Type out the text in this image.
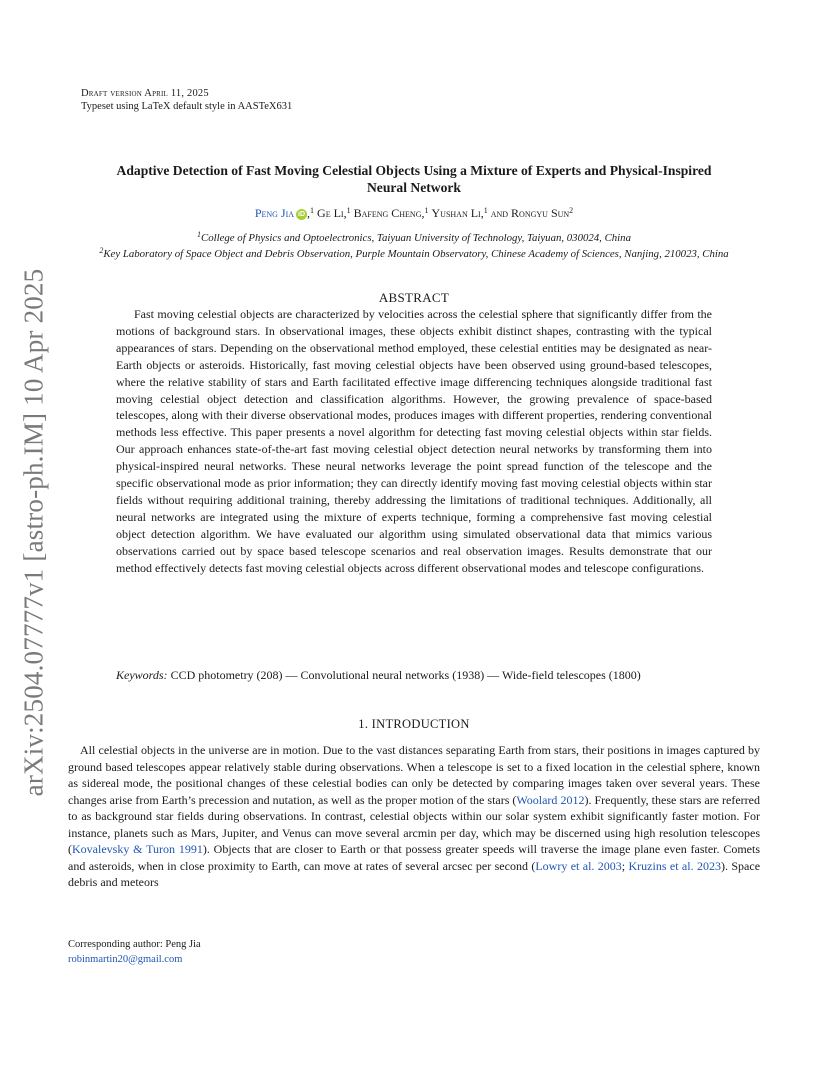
Draft version April 11, 2025
Typeset using LaTeX default style in AASTeX631
arXiv:2504.07777v1 [astro-ph.IM] 10 Apr 2025
Adaptive Detection of Fast Moving Celestial Objects Using a Mixture of Experts and Physical-Inspired Neural Network
Peng Jia iD ,$^1$ Ge Li,$^1$ Bafeng Cheng,$^1$ Yushan Li,$^1$ and Rongyu Sun$^2$
$^1$College of Physics and Optoelectronics, Taiyuan University of Technology, Taiyuan, 030024, China
$^2$Key Laboratory of Space Object and Debris Observation, Purple Mountain Observatory, Chinese Academy of Sciences, Nanjing, 210023, China
ABSTRACT

Fast moving celestial objects are characterized by velocities across the celestial sphere that significantly differ from the motions of background stars. In observational images, these objects exhibit distinct shapes, contrasting with the typical appearances of stars. Depending on the observational method employed, these celestial entities may be designated as near-Earth objects or asteroids. Historically, fast moving celestial objects have been observed using ground-based telescopes, where the relative stability of stars and Earth facilitated effective image differencing techniques alongside traditional fast moving celestial object detection and classification algorithms. However, the growing prevalence of space-based telescopes, along with their diverse observational modes, produces images with different properties, rendering conventional methods less effective. This paper presents a novel algorithm for detecting fast moving celestial objects within star fields. Our approach enhances state-of-the-art fast moving celestial object detection neural networks by transforming them into physical-inspired neural networks. These neural networks leverage the point spread function of the telescope and the specific observational mode as prior information; they can directly identify moving fast moving celestial objects within star fields without requiring additional training, thereby addressing the limitations of traditional techniques. Additionally, all neural networks are integrated using the mixture of experts technique, forming a comprehensive fast moving celestial object detection algorithm. We have evaluated our algorithm using simulated observational data that mimics various observations carried out by space based telescope scenarios and real observation images. Results demonstrate that our method effectively detects fast moving celestial objects across different observational modes and telescope configurations.

Keywords: CCD photometry (208) — Convolutional neural networks (1938) — Wide-field telescopes (1800)

1. INTRODUCTION

All celestial objects in the universe are in motion. Due to the vast distances separating Earth from stars, their positions in images captured by ground based telescopes appear relatively stable during observations. When a telescope is set to a fixed location in the celestial sphere, known as sidereal mode, the positional changes of these celestial bodies can only be detected by comparing images taken over several years. These changes arise from Earth’s precession and nutation, as well as the proper motion of the stars (Woolard 2012). Frequently, these stars are referred to as background star fields during observations. In contrast, celestial objects within our solar system exhibit significantly faster motion. For instance, planets such as Mars, Jupiter, and Venus can move several arcmin per day, which may be discerned using high resolution telescopes (Kovalevsky & Turon 1991). Objects that are closer to Earth or that possess greater speeds will traverse the image plane even faster. Comets and asteroids, when in close proximity to Earth, can move at rates of several arcsec per second (Lowry et al. 2003; Kruzins et al. 2023). Space debris and meteors

Corresponding author: Peng Jia
robinmartin20@gmail.com
